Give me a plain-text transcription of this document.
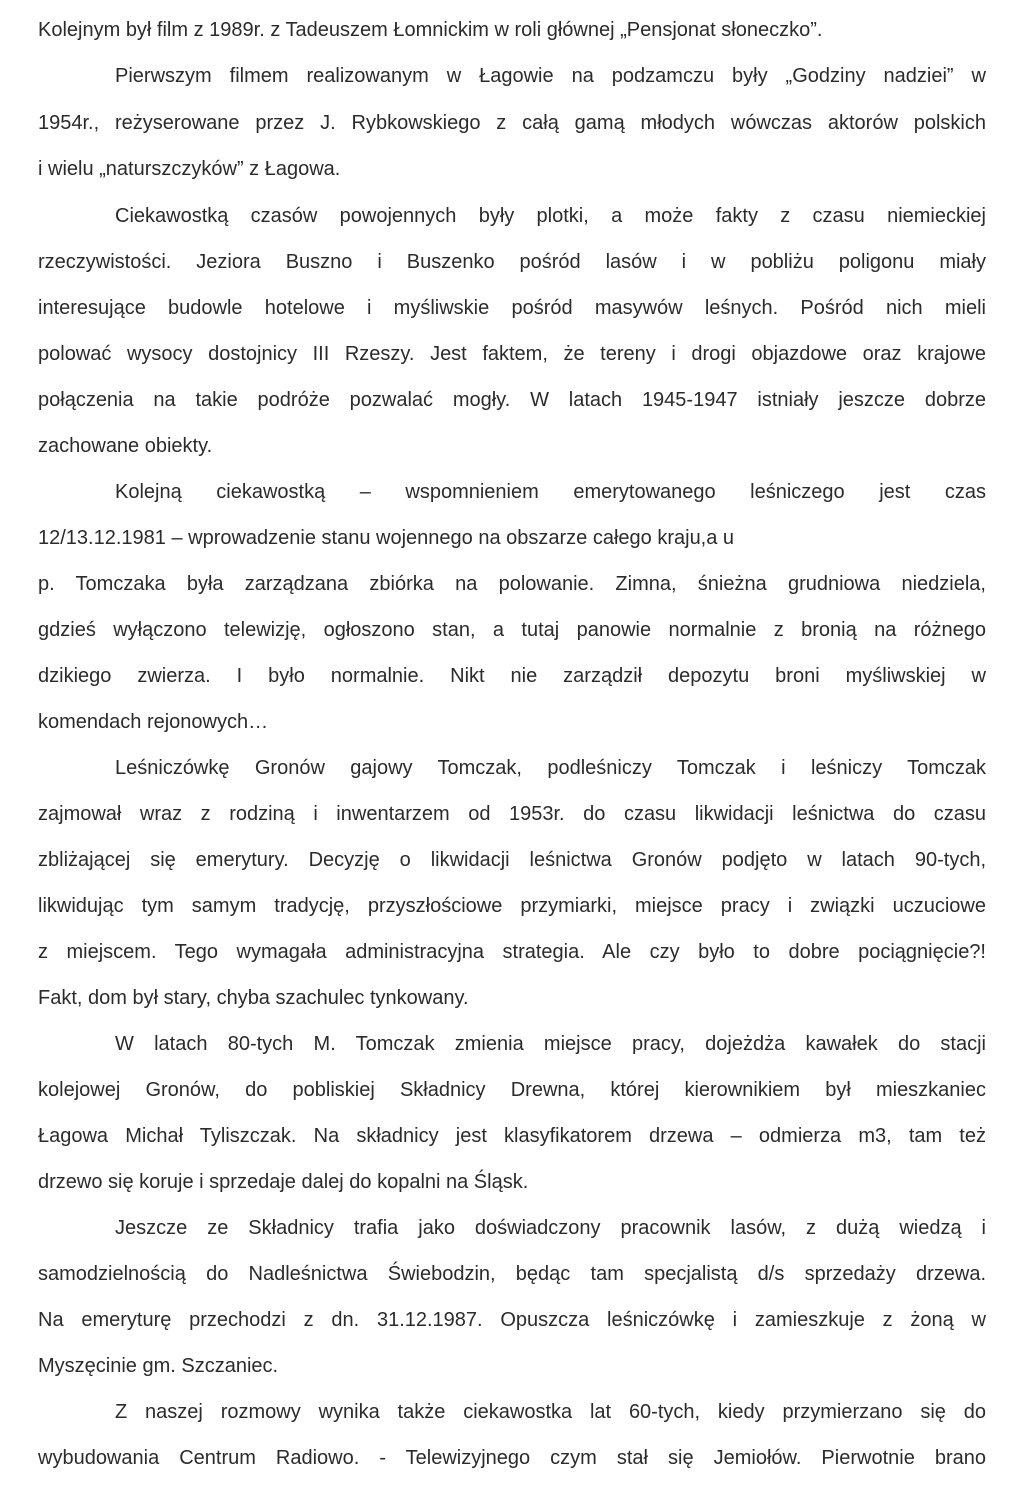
Kolejnym był film z 1989r. z Tadeuszem Łomnickim w roli głównej „Pensjonat słoneczko”.
Pierwszym filmem realizowanym w Łagowie na podzamczu były „Godziny nadziei” w
1954r., reżyserowane przez J. Rybkowskiego z całą gamą młodych wówczas aktorów polskich
i wielu „naturszczyków” z Łagowa.
Ciekawostką czasów powojennych były plotki, a może fakty z czasu niemieckiej
rzeczywistości. Jeziora Buszno i Buszenko pośród lasów i w pobliżu poligonu miały
interesujące budowle hotelowe i myśliwskie pośród masywów leśnych. Pośród nich mieli
polować wysocy dostojnicy III Rzeszy. Jest faktem, że tereny i drogi objazdowe oraz krajowe
połączenia na takie podróże pozwalać mogły. W latach 1945-1947 istniały jeszcze dobrze
zachowane obiekty.
Kolejną ciekawostką – wspomnieniem emerytowanego leśniczego jest czas
12/13.12.1981 – wprowadzenie stanu wojennego na obszarze całego kraju,a u
p. Tomczaka była zarządzana zbiórka na polowanie. Zimna, śnieżna grudniowa niedziela,
gdzieś wyłączono telewizję, ogłoszono stan, a tutaj panowie normalnie z bronią na różnego
dzikiego zwierza. I było normalnie. Nikt nie zarządził depozytu broni myśliwskiej w
komendach rejonowych…
Leśniczówkę Gronów gajowy Tomczak, podleśniczy Tomczak i leśniczy Tomczak
zajmował wraz z rodziną i inwentarzem od 1953r. do czasu likwidacji leśnictwa do czasu
zbliżającej się emerytury. Decyzję o likwidacji leśnictwa Gronów podjęto w latach 90-tych,
likwidując tym samym tradycję, przyszłościowe przymiarki, miejsce pracy i związki uczuciowe
z miejscem. Tego wymagała administracyjna strategia. Ale czy było to dobre pociągnięcie?!
Fakt, dom był stary, chyba szachulec tynkowany.
W latach 80-tych M. Tomczak zmienia miejsce pracy, dojeżdża kawałek do stacji
kolejowej Gronów, do pobliskiej Składnicy Drewna, której kierownikiem był mieszkaniec
Łagowa Michał Tyliszczak. Na składnicy jest klasyfikatorem drzewa – odmierza m3, tam też
drzewo się koruje i sprzedaje dalej do kopalni na Śląsk.
Jeszcze ze Składnicy trafia jako doświadczony pracownik lasów, z dużą wiedzą i
samodzielnością do Nadleśnictwa Świebodzin, będąc tam specjalistą d/s sprzedaży drzewa.
Na emeryturę przechodzi z dn. 31.12.1987. Opuszcza leśniczówkę i zamieszkuje z żoną w
Myszęcinie gm. Szczaniec.
Z naszej rozmowy wynika także ciekawostka lat 60-tych, kiedy przymierzano się do
wybudowania Centrum Radiowo. - Telewizyjnego czym stał się Jemiołów. Pierwotnie brano
